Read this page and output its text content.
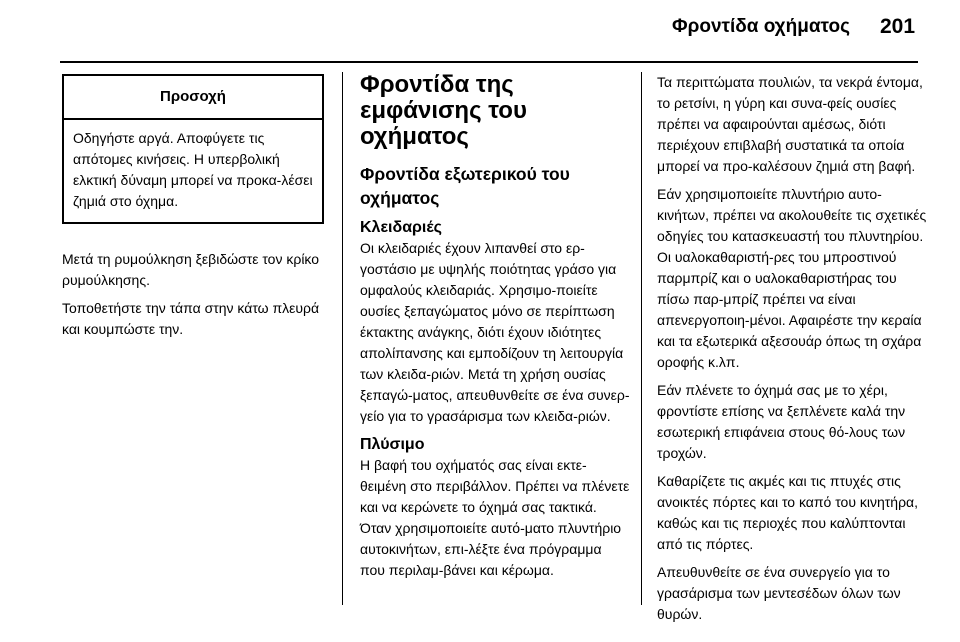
Φροντίδα οχήματος 201
Προσοχή
Οδηγήστε αργά. Αποφύγετε τις απότομες κινήσεις. Η υπερβολική ελκτική δύναμη μπορεί να προκα-λέσει ζημιά στο όχημα.

Μετά τη ρυμούλκηση ξεβιδώστε τον κρίκο ρυμούλκησης.

Τοποθετήστε την τάπα στην κάτω πλευρά και κουμπώστε την.

Φροντίδα της εμφάνισης του οχήματος
Φροντίδα εξωτερικού του οχήματος
Κλειδαριές

Οι κλειδαριές έχουν λιπανθεί στο ερ-γοστάσιο με υψηλής ποιότητας γράσο για ομφαλούς κλειδαριάς. Χρησιμο-ποιείτε ουσίες ξεπαγώματος μόνο σε περίπτωση έκτακτης ανάγκης, διότι έχουν ιδιότητες απολίπανσης και εμποδίζουν τη λειτουργία των κλειδα-ριών. Μετά τη χρήση ουσίας ξεπαγώ-ματος, απευθυνθείτε σε ένα συνερ-γείο για το γρασάρισμα των κλειδα-ριών.

Πλύσιμο

Η βαφή του οχήματός σας είναι εκτε-θειμένη στο περιβάλλον. Πρέπει να πλένετε και να κερώνετε το όχημά σας τακτικά. Όταν χρησιμοποιείτε αυτό-ματο πλυντήριο αυτοκινήτων, επι-λέξτε ένα πρόγραμμα που περιλαμ-βάνει και κέρωμα.

Τα περιττώματα πουλιών, τα νεκρά έντομα, το ρετσίνι, η γύρη και συνα-φείς ουσίες πρέπει να αφαιρούνται αμέσως, διότι περιέχουν επιβλαβή συστατικά τα οποία μπορεί να προ-καλέσουν ζημιά στη βαφή.

Εάν χρησιμοποιείτε πλυντήριο αυτο-κινήτων, πρέπει να ακολουθείτε τις σχετικές οδηγίες του κατασκευαστή του πλυντηρίου. Οι υαλοκαθαριστή-ρες του μπροστινού παρμπρίζ και ο υαλοκαθαριστήρας του πίσω παρ-μπρίζ πρέπει να είναι απενεργοποιη-μένοι. Αφαιρέστε την κεραία και τα εξωτερικά αξεσουάρ όπως τη σχάρα οροφής κ.λπ.

Εάν πλένετε το όχημά σας με το χέρι, φροντίστε επίσης να ξεπλένετε καλά την εσωτερική επιφάνεια στους θό-λους των τροχών.

Καθαρίζετε τις ακμές και τις πτυχές στις ανοικτές πόρτες και το καπό του κινητήρα, καθώς και τις περιοχές που καλύπτονται από τις πόρτες.

Απευθυνθείτε σε ένα συνεργείο για το γρασάρισμα των μεντεσέδων όλων των θυρών.
